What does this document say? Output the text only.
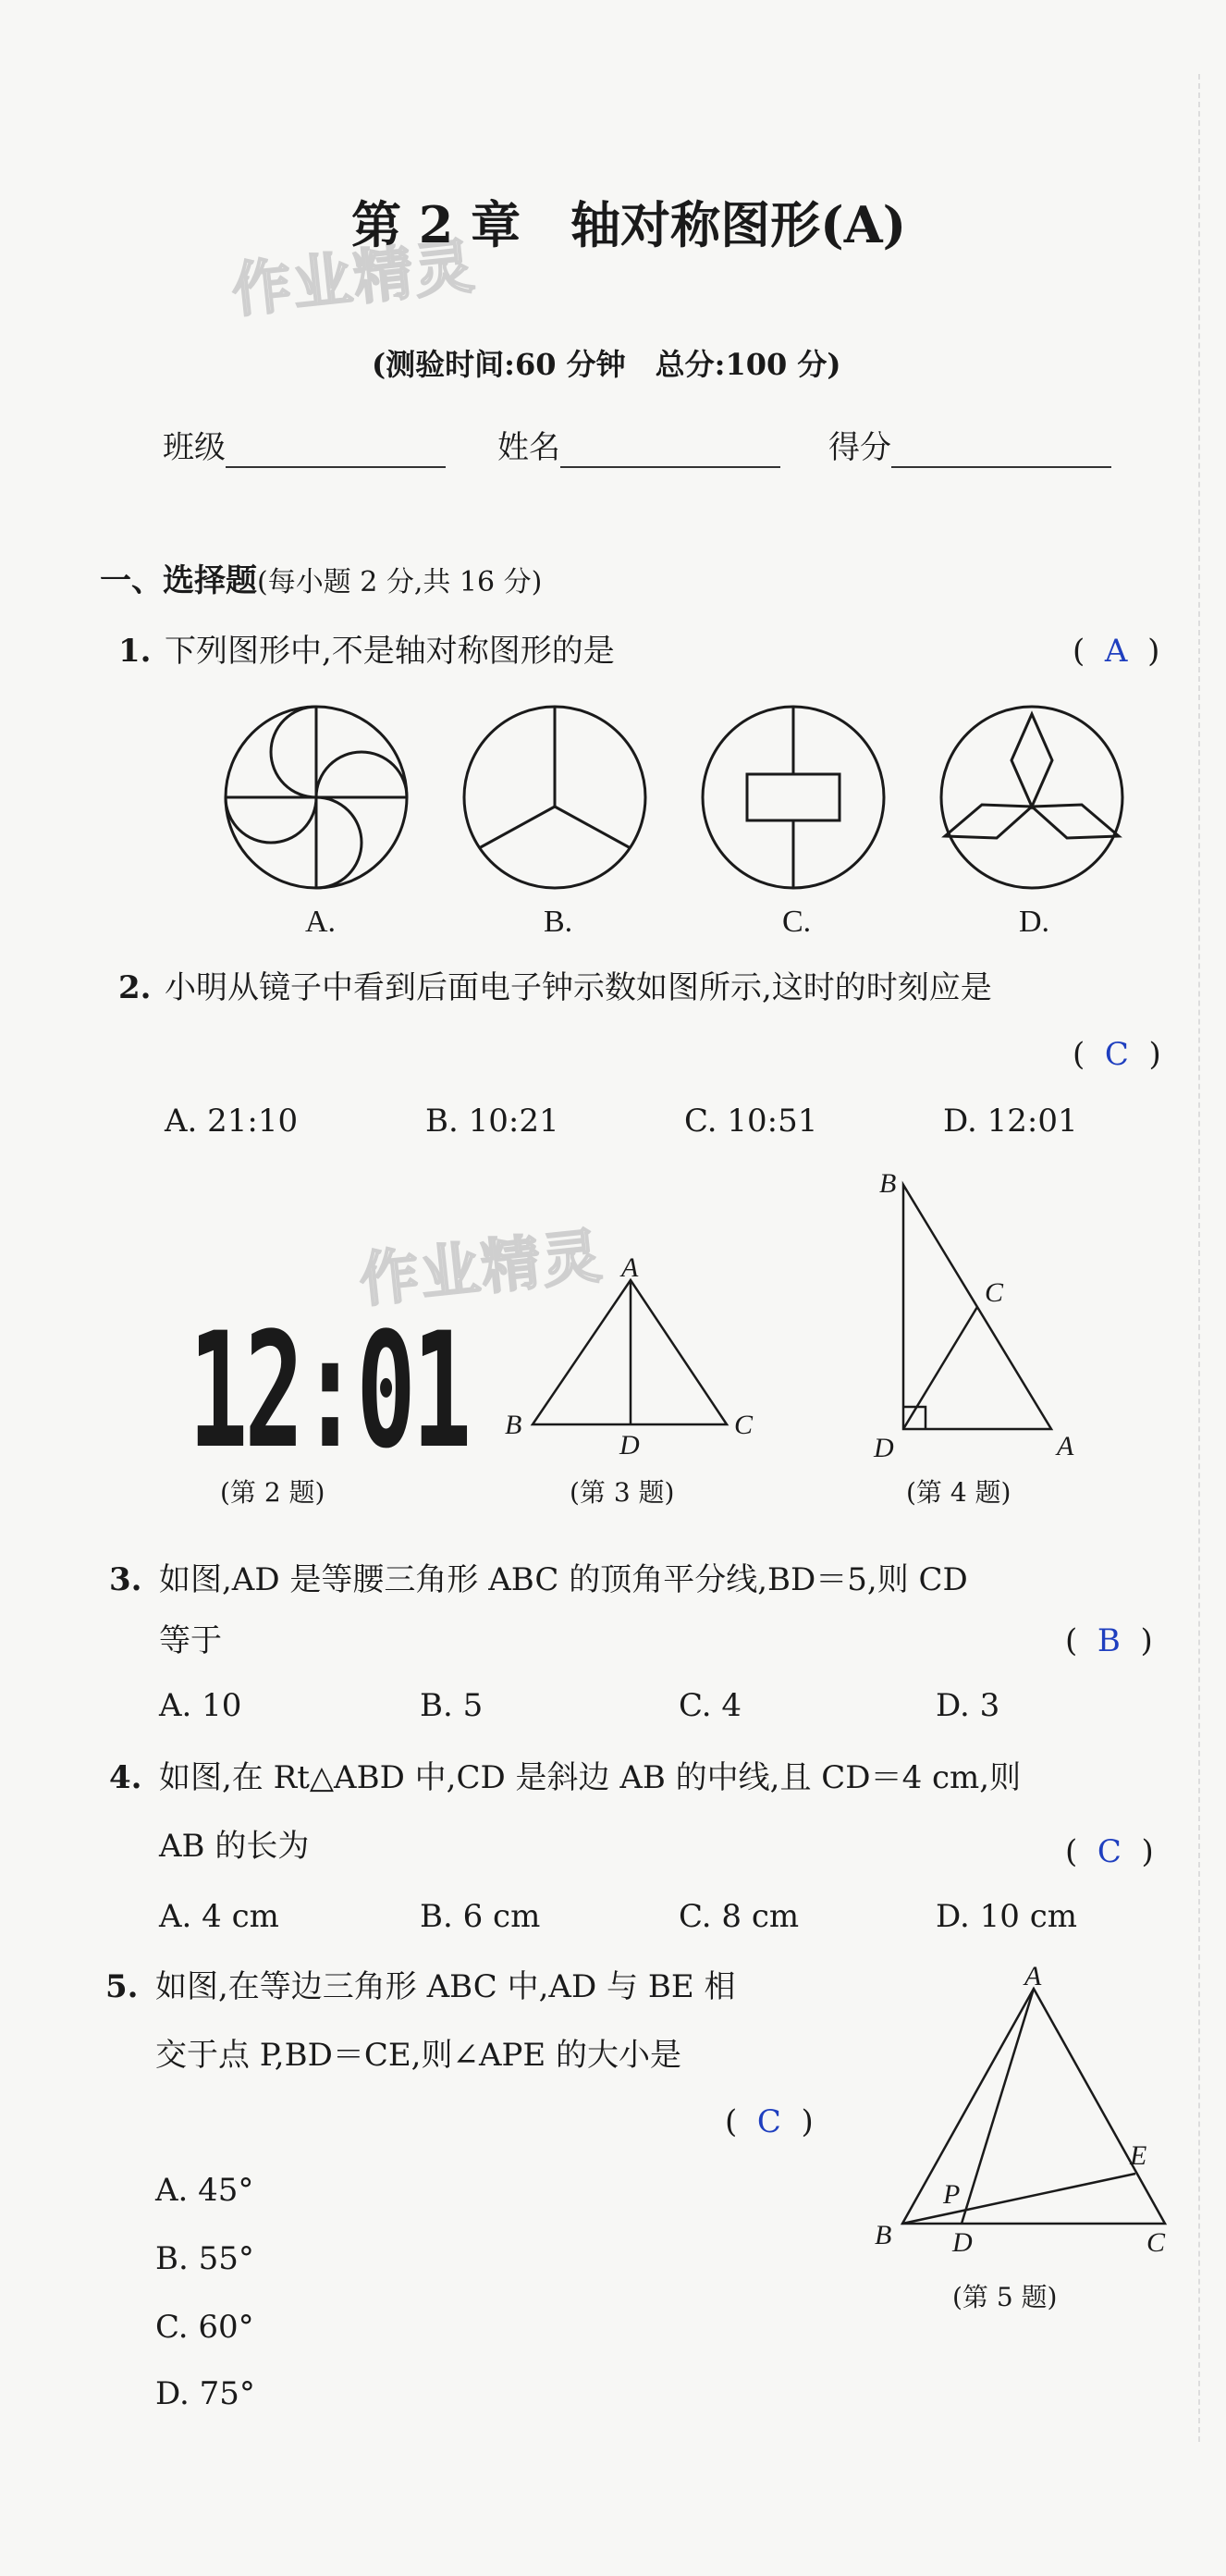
作业精灵
作业精灵
第 2 章　轴对称图形(A)
(测验时间:60 分钟　总分:100 分)
班级	姓名	得分
一、选择题(每小题 2 分,共 16 分)
1. 下列图形中,不是轴对称图形的是	(  A  )
A.	B.	C.	D.
2. 小明从镜子中看到后面电子钟示数如图所示,这时的时刻应是
(  C  )
A. 21:10	B. 10:21	C. 10:51	D. 12:01
12:01
(第 2 题)
A
B	C
D
(第 3 题)
B
C
D	A
(第 4 题)
3. 如图,AD 是等腰三角形 ABC 的顶角平分线,BD＝5,则 CD
等于	(  B  )
A. 10	B. 5	C. 4	D. 3
4. 如图,在 Rt△ABD 中,CD 是斜边 AB 的中线,且 CD＝4 cm,则
AB 的长为	(  C  )
A. 4 cm	B. 6 cm	C. 8 cm	D. 10 cm
5. 如图,在等边三角形 ABC 中,AD 与 BE 相
交于点 P,BD＝CE,则∠APE 的大小是
(  C  )
A. 45°
B. 55°
C. 60°
D. 75°
A
B D	C
E
P
(第 5 题)
